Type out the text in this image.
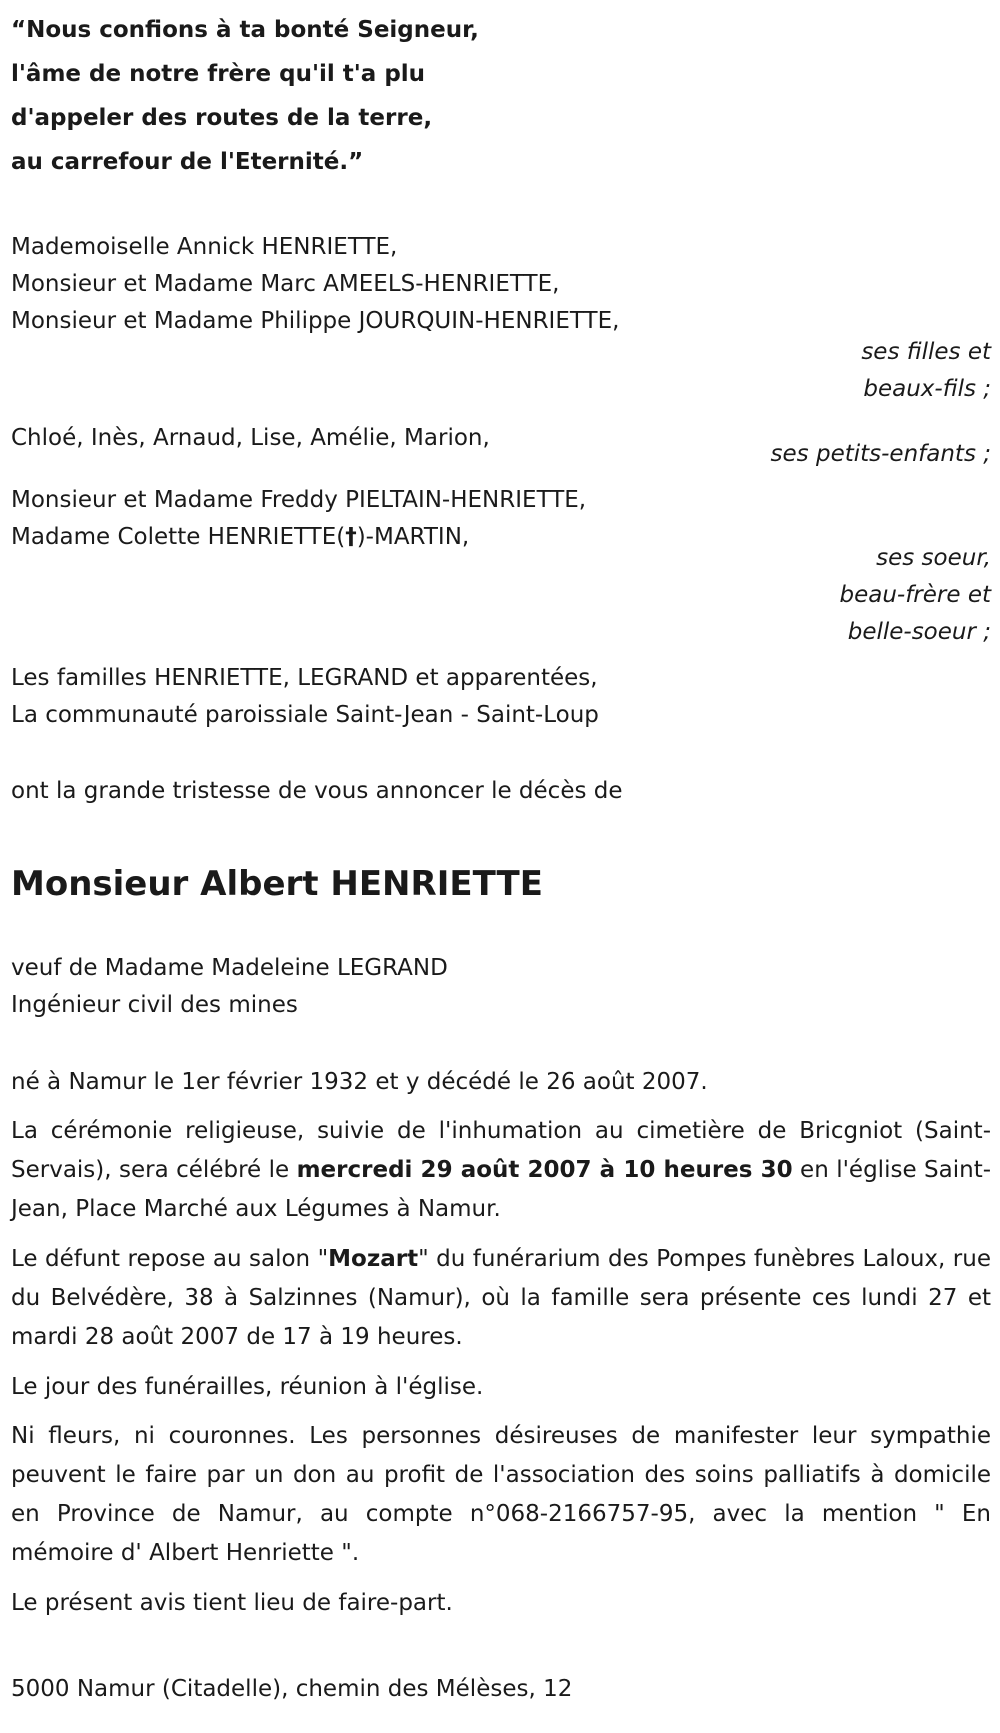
“Nous confions à ta bonté Seigneur,
l'âme de notre frère qu'il t'a plu
d'appeler des routes de la terre,
au carrefour de l'Eternité.”
Mademoiselle Annick HENRIETTE,
Monsieur et Madame Marc AMEELS-HENRIETTE,
Monsieur et Madame Philippe JOURQUIN-HENRIETTE,
ses filles et
beaux-fils ;
Chloé, Inès, Arnaud, Lise, Amélie, Marion,
ses petits-enfants ;
Monsieur et Madame Freddy PIELTAIN-HENRIETTE,
Madame Colette HENRIETTE(†)-MARTIN,
ses soeur,
beau-frère et
belle-soeur ;
Les familles HENRIETTE, LEGRAND et apparentées,
La communauté paroissiale Saint-Jean - Saint-Loup
ont la grande tristesse de vous annoncer le décès de
Monsieur Albert HENRIETTE
veuf de Madame Madeleine LEGRAND
Ingénieur civil des mines
né à Namur le 1er février 1932 et y décédé le 26 août 2007.
La cérémonie religieuse, suivie de l'inhumation au cimetière de Bricgniot (Saint-Servais), sera célébré le mercredi 29 août 2007 à 10 heures 30 en l'église Saint-Jean, Place Marché aux Légumes à Namur.
Le défunt repose au salon "Mozart" du funérarium des Pompes funèbres Laloux, rue du Belvédère, 38 à Salzinnes (Namur), où la famille sera présente ces lundi 27 et mardi 28 août 2007 de 17 à 19 heures.
Le jour des funérailles, réunion à l'église.
Ni fleurs, ni couronnes. Les personnes désireuses de manifester leur sympathie peuvent le faire par un don au profit de l'association des soins palliatifs à domicile en Province de Namur, au compte n°068-2166757-95, avec la mention " En mémoire d' Albert Henriette ".
Le présent avis tient lieu de faire-part.
5000 Namur (Citadelle), chemin des Mélèses, 12
